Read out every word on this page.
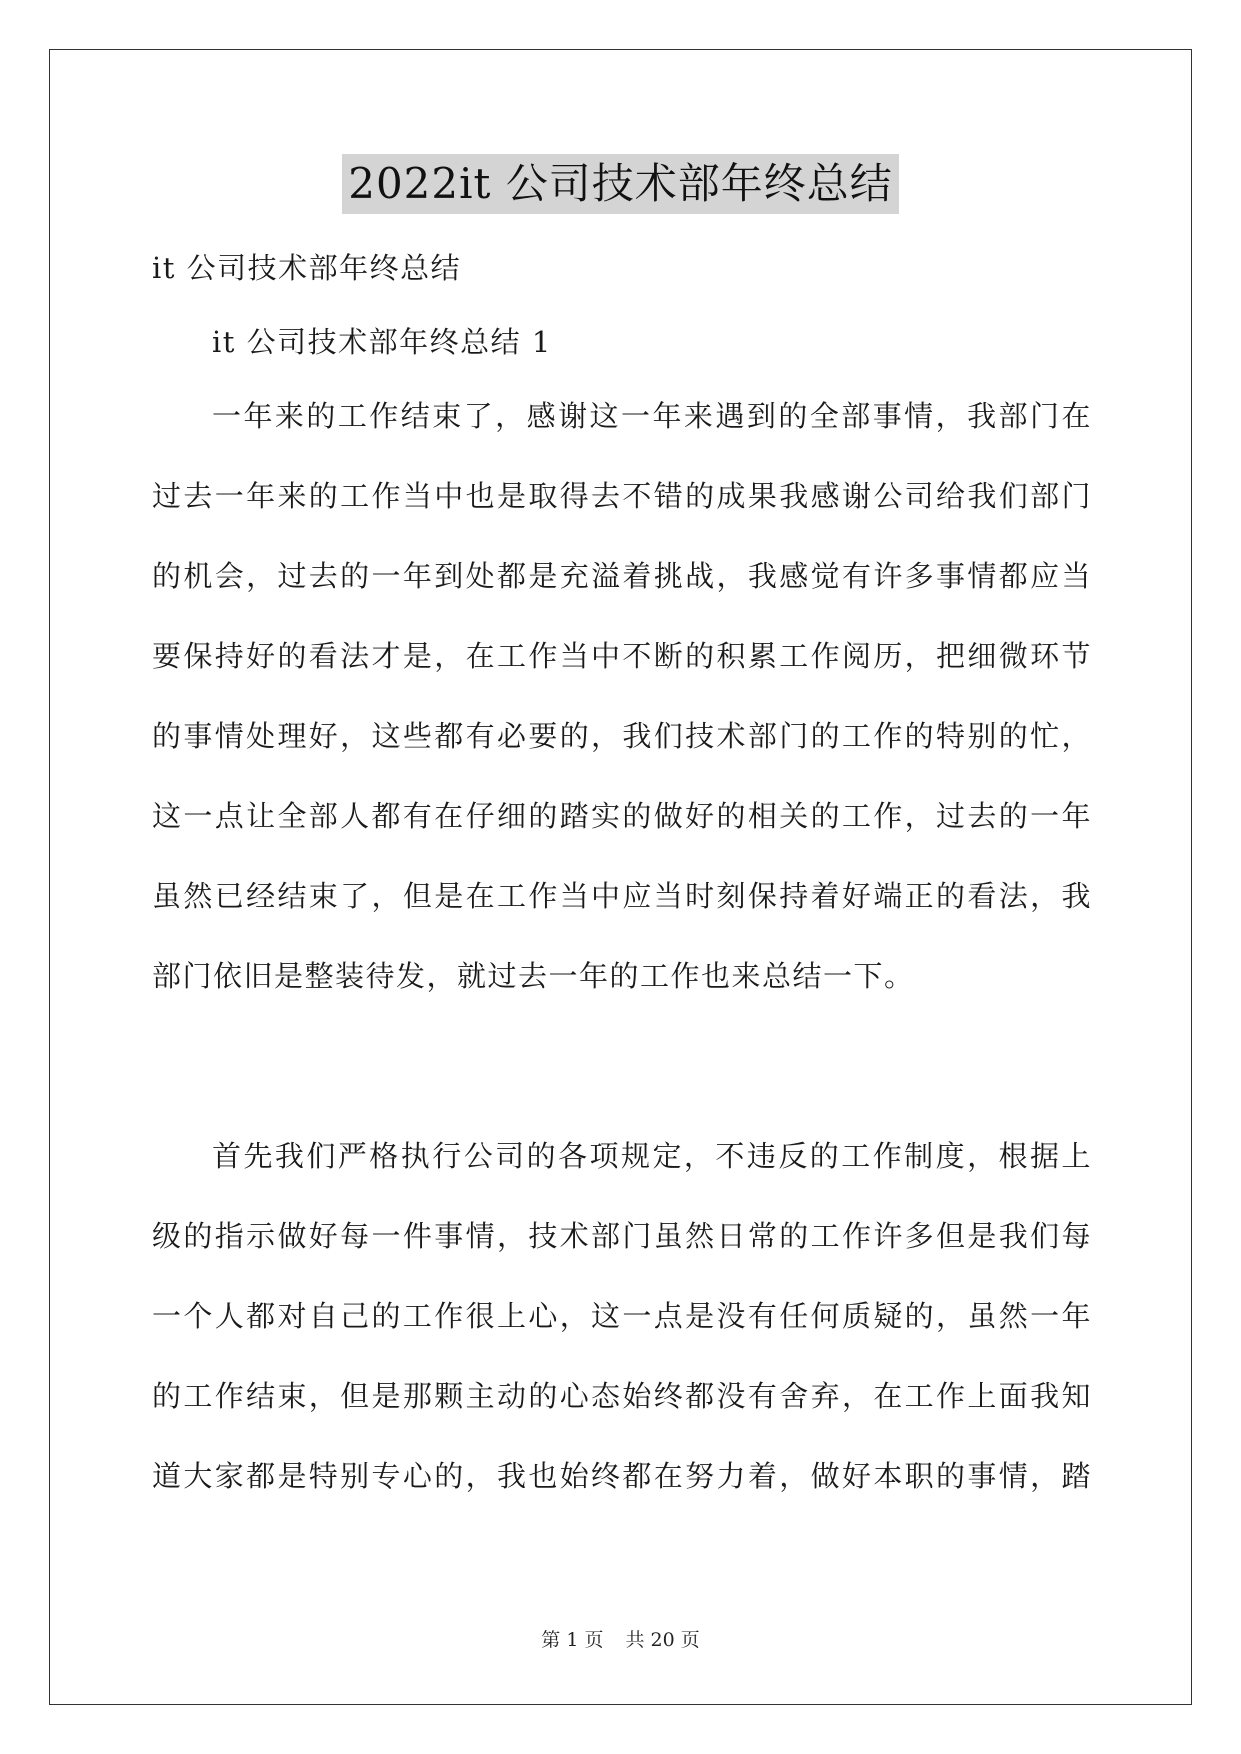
2022it 公司技术部年终总结
it 公司技术部年终总结
it 公司技术部年终总结 1
一年来的工作结束了，感谢这一年来遇到的全部事情，我部门在
过去一年来的工作当中也是取得去不错的成果我感谢公司给我们部门
的机会，过去的一年到处都是充溢着挑战，我感觉有许多事情都应当
要保持好的看法才是，在工作当中不断的积累工作阅历，把细微环节
的事情处理好，这些都有必要的，我们技术部门的工作的特别的忙，
这一点让全部人都有在仔细的踏实的做好的相关的工作，过去的一年
虽然已经结束了，但是在工作当中应当时刻保持着好端正的看法，我
部门依旧是整装待发，就过去一年的工作也来总结一下。
首先我们严格执行公司的各项规定，不违反的工作制度，根据上
级的指示做好每一件事情，技术部门虽然日常的工作许多但是我们每
一个人都对自己的工作很上心，这一点是没有任何质疑的，虽然一年
的工作结束，但是那颗主动的心态始终都没有舍弃，在工作上面我知
道大家都是特别专心的，我也始终都在努力着，做好本职的事情，踏
第 1 页 共 20 页
